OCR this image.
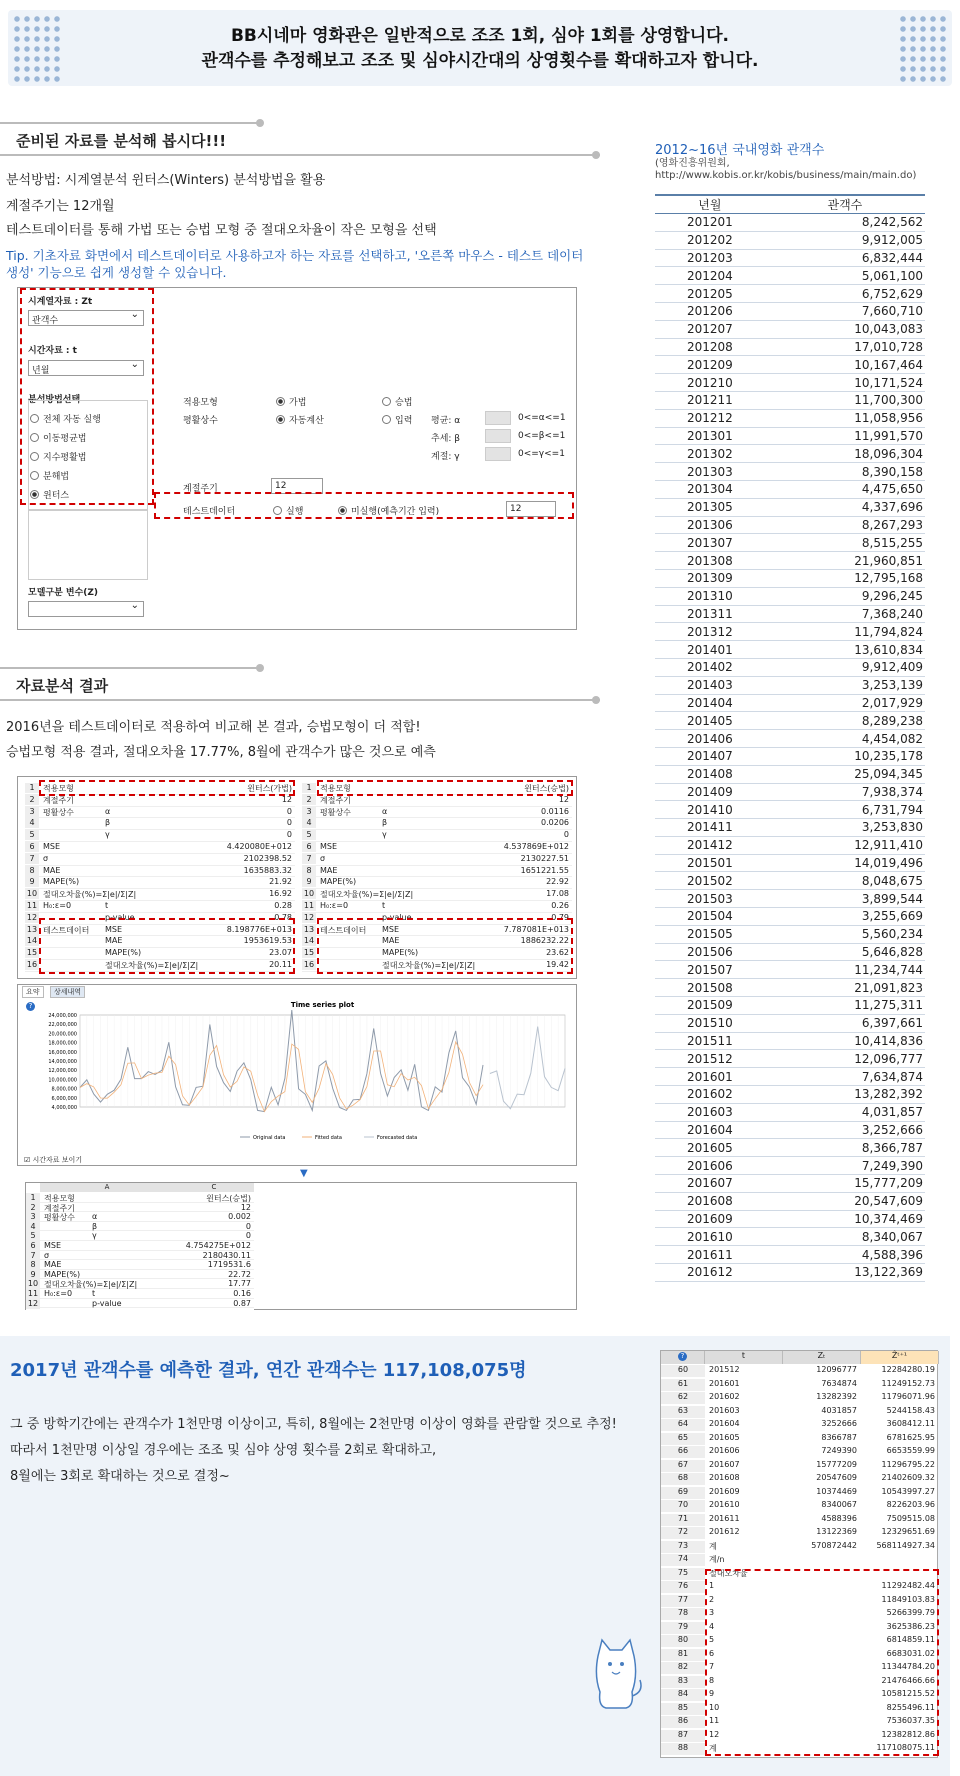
BB시네마 영화관은 일반적으로 조조 1회, 심야 1회를 상영합니다.

관객수를 추정해보고 조조 및 심야시간대의 상영횟수를 확대하고자 합니다.

준비된 자료를 분석해 봅시다!!!
분석방법: 시계열분석 윈터스(Winters) 분석방법을 활용
계절주기는 12개월
테스트데이터를 통해 가법 또는 승법 모형 중 절대오차율이 작은 모형을 선택
Tip. 기초자료 화면에서 테스트데이터로 사용하고자 하는 자료를 선택하고, '오른쪽 마우스 - 테스트 데이터 생성' 기능으로 쉽게 생성할 수 있습니다.
시계열자료 : Zt
관객수 ⌄
시간자료 : t
년월 ⌄
분석방법선택
전체 자동 실행
이동평균법
지수평활법
분해법
윈터스
적용모형	가법	승법
평활상수	자동계산	입력 평균: α	0<=α<=1
추세: β	0<=β<=1
계절: γ	0<=γ<=1
계절주기	12
테스트데이터	실행	미실행(예측기간 입력)	12
모델구분 변수(Z)
⌄
자료분석 결과
2016년을 테스트데이터로 적용하여 비교해 본 결과, 승법모형이 더 적합!
승법모형 적용 결과, 절대오차율 17.77%, 8월에 관객수가 많은 것으로 예측
1	적용모형	윈터스(가법)
2	계절주기	12
3	평활상수	α	0
4	β	0
5	γ	0
6	MSE	4.420080E+012
7	σ	2102398.52
8	MAE	1635883.32
9	MAPE(%)	21.92
10 절대오차율(%)=Σ|e|/Σ|Z|	16.92
11 H₀:ε=0	t	0.28
12	p-value	0.78
13 테스트데이터 MSE	8.198776E+013
14	MAE	1953619.53
15	MAPE(%)	23.07
16	절대오차율(%)=Σ|e|/Σ|Z|	20.11
1	적용모형	윈터스(승법)
2	계절주기	12
3	평활상수	α	0.0116
4	β	0.0206
5	γ	0
6	MSE	4.537869E+012
7	σ	2130227.51
8	MAE	1651221.55
9	MAPE(%)	22.92
10 절대오차율(%)=Σ|e|/Σ|Z|	17.08
11 H₀:ε=0	t	0.26
12	p-value	0.79
13 테스트데이터 MSE	7.787081E+013
14	MAE	1886232.22
15	MAPE(%)	23.62
16	절대오차율(%)=Σ|e|/Σ|Z|	19.42
요약	상세내역
?	Time series plot
24,000,000
22,000,000
20,000,000
18,000,000
16,000,000
14,000,000
12,000,000
10,000,000
8,000,000
6,000,000
4,000,000
Original data	Fitted data	Forecasted data
☑ 시간자료 보이기
▼
A	C
1	적용모형	윈터스(승법)
2	계절주기	12
3	평활상수 α	0.002
4	β	0
5	γ	0
6	MSE	4.754275E+012
7	σ	2180430.11
8	MAE	1719531.6
9	MAPE(%)	22.72
10 절대오차율(%)=Σ|e|/Σ|Z|	17.77
11 H₀:ε=0 t	0.16
12	p-value	0.87
2012~16년 국내영화 관객수
(영화진흥위원회,
http://www.kobis.or.kr/kobis/business/main/main.do)
년월	관객수
201201	8,242,562
201202	9,912,005
201203	6,832,444
201204	5,061,100
201205	6,752,629
201206	7,660,710
201207	10,043,083
201208	17,010,728
201209	10,167,464
201210	10,171,524
201211	11,700,300
201212	11,058,956
201301	11,991,570
201302	18,096,304
201303	8,390,158
201304	4,475,650
201305	4,337,696
201306	8,267,293
201307	8,515,255
201308	21,960,851
201309	12,795,168
201310	9,296,245
201311	7,368,240
201312	11,794,824
201401	13,610,834
201402	9,912,409
201403	3,253,139
201404	2,017,929
201405	8,289,238
201406	4,454,082
201407	10,235,178
201408	25,094,345
201409	7,938,374
201410	6,731,794
201411	3,253,830
201412	12,911,410
201501	14,019,496
201502	8,048,675
201503	3,899,544
201504	3,255,669
201505	5,560,234
201506	5,646,828
201507	11,234,744
201508	21,091,823
201509	11,275,311
201510	6,397,661
201511	10,414,836
201512	12,096,777
201601	7,634,874
201602	13,282,392
201603	4,031,857
201604	3,252,666
201605	8,366,787
201606	7,249,390
201607	15,777,209
201608	20,547,609
201609	10,374,469
201610	8,340,067
201611	4,588,396
201612	13,122,369
2017년 관객수를 예측한 결과, 연간 관객수는 117,108,075명

그 중 방학기간에는 관객수가 1천만명 이상이고, 특히, 8월에는 2천만명 이상이 영화를 관람할 것으로 추정!

따라서 1천만명 이상일 경우에는 조조 및 심야 상영 횟수를 2회로 확대하고,

8월에는 3회로 확대하는 것으로 결정~

?	t	Zₜ	Ẑᵗ⁺¹
60	201512	12096777	12284280.19
61	201601	7634874	11249152.73
62	201602	13282392	11796071.96
63	201603	4031857	5244158.43
64	201604	3252666	3608412.11
65	201605	8366787	6781625.95
66	201606	7249390	6653559.99
67	201607	15777209	11296795.22
68	201608	20547609	21402609.32
69	201609	10374469	10543997.27
70	201610	8340067	8226203.96
71	201611	4588396	7509515.08
72	201612	13122369	12329651.69
73	계	570872442	568114927.34
74	계/n
75	절대오차율
76	1	11292482.44
77	2	11849103.83
78	3	5266399.79
79	4	3625386.23
80	5	6814859.11
81	6	6683031.02
82	7	11344784.20
83	8	21476466.66
84	9	10581215.52
85	10	8255496.11
86	11	7536037.35
87	12	12382812.86
88	계	117108075.11
